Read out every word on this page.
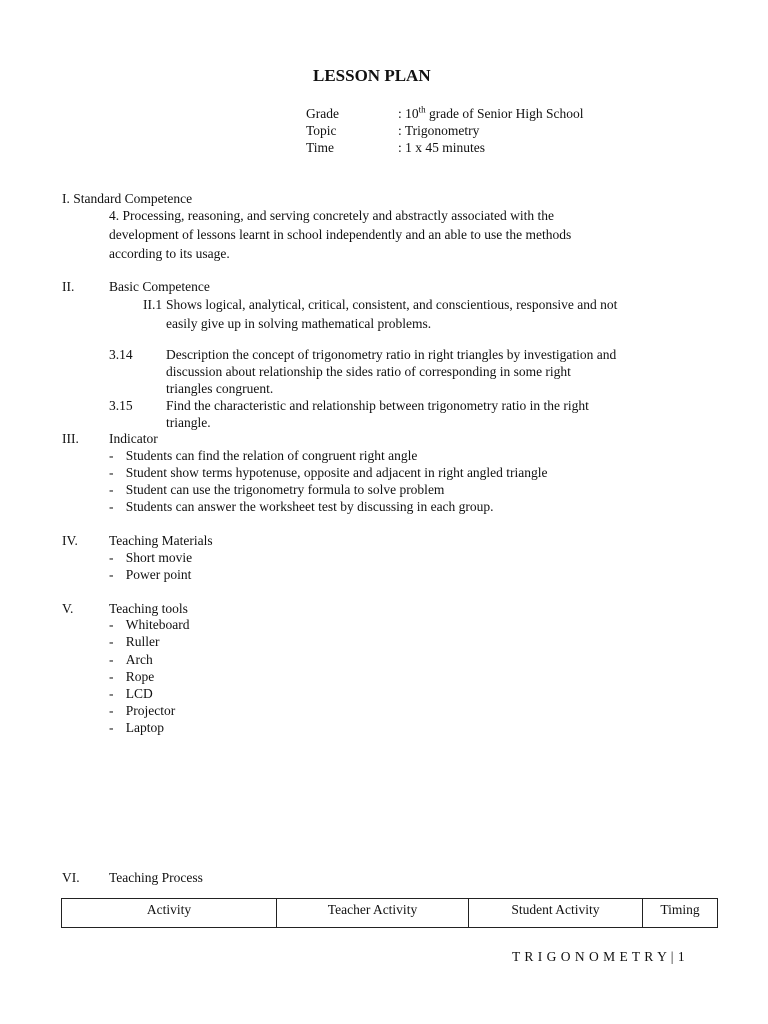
LESSON PLAN
Grade	: 10th grade of Senior High School
Topic	: Trigonometry
Time	: 1 x 45 minutes
I. Standard Competence
4. Processing, reasoning, and serving concretely and abstractly associated with the
development of lessons learnt in school independently and an able to use the methods
according to its usage.
II.	Basic Competence
II.1 Shows logical, analytical, critical, consistent, and conscientious, responsive and not
easily give up in solving mathematical problems.
3.14 Description the concept of trigonometry ratio in right triangles by investigation and
discussion about relationship the sides ratio of corresponding in some right
triangles congruent.
3.15 Find the characteristic and relationship between trigonometry ratio in the right
triangle.
III. Indicator
- Students can find the relation of congruent right angle
- Student show terms hypotenuse, opposite and adjacent in right angled triangle
- Student can use the trigonometry formula to solve problem
- Students can answer the worksheet test by discussing in each group.
IV. Teaching Materials
- Short movie
- Power point
V.	Teaching tools
- Whiteboard
- Ruller
- Arch
- Rope
- LCD
- Projector
- Laptop
VI. Teaching Process
Activity	Teacher Activity	Student Activity	Timing
T R I G O N O M E T R Y | 1
